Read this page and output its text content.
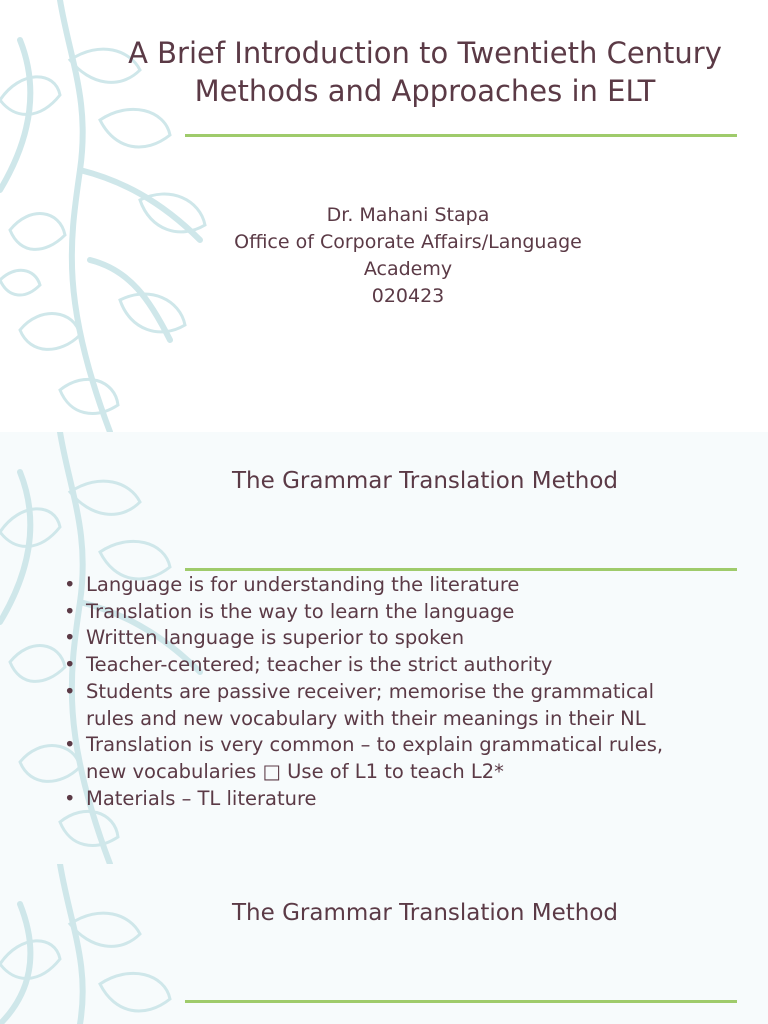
A Brief Introduction to Twentieth Century Methods and Approaches in ELT
Dr. Mahani Stapa
Office of Corporate Affairs/Language
Academy
020423
The Grammar Translation Method
• Language is for understanding the literature
• Translation is the way to learn the language
• Written language is superior to spoken
• Teacher-centered; teacher is the strict authority
• Students are passive receiver; memorise the grammatical rules and new vocabulary with their meanings in their NL
• Translation is very common – to explain grammatical rules, new vocabularies □ Use of L1 to teach L2*
• Materials – TL literature
The Grammar Translation Method
